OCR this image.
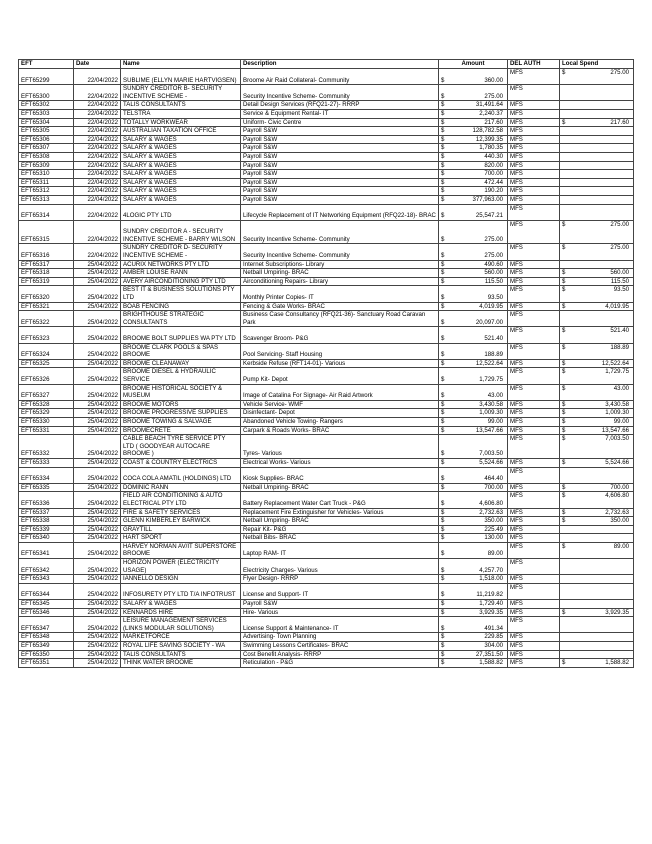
EFT	Date	Name	Description	Amount	DEL AUTH	Local Spend
EFT65299	22/04/2022	SUBLIME (ELLYN MARIE HARTVIGSEN)	Broome Air Raid Collateral- Community	$ 360.00	MFS	$ 275.00

EFT65300	22/04/2022	SUNDRY CREDITOR B- SECURITY INCENTIVE SCHEME -	Security Incentive Scheme- Community	$ 275.00	MFS	

EFT65302	22/04/2022	TALIS CONSULTANTS	Detail Design Services (RFQ21-27)- RRRP	$ 31,491.64	MFS	

EFT65303	22/04/2022	TELSTRA	Service & Equipment Rental- IT	$ 2,240.37	MFS	

EFT65304	22/04/2022	TOTALLY WORKWEAR	Uniform- Civic Centre	$ 217.60	MFS	$ 217.60

EFT65305	22/04/2022	AUSTRALIAN TAXATION OFFICE	Payroll S&W	$ 128,782.58	MFS	

EFT65306	22/04/2022	SALARY & WAGES	Payroll S&W	$ 12,399.35	MFS	

EFT65307	22/04/2022	SALARY & WAGES	Payroll S&W	$ 1,780.35	MFS	

EFT65308	22/04/2022	SALARY & WAGES	Payroll S&W	$ 440.30	MFS	

EFT65309	22/04/2022	SALARY & WAGES	Payroll S&W	$ 820.00	MFS	

EFT65310	22/04/2022	SALARY & WAGES	Payroll S&W	$ 700.00	MFS	

EFT65311	22/04/2022	SALARY & WAGES	Payroll S&W	$ 472.44	MFS	

EFT65312	22/04/2022	SALARY & WAGES	Payroll S&W	$ 190.20	MFS	

EFT65313	22/04/2022	SALARY & WAGES	Payroll S&W	$ 377,963.00	MFS	

EFT65314	22/04/2022	4LOGIC PTY LTD	Lifecycle Replacement of IT Networking Equipment (RFQ22-18)- BRAC	$ 25,547.21	MFS	

EFT65315	22/04/2022	SUNDRY CREDITOR A - SECURITY INCENTIVE SCHEME - BARRY WILSON	Security Incentive Scheme- Community	$ 275.00	MFS	$ 275.00

EFT65316	22/04/2022	SUNDRY CREDITOR D- SECURITY INCENTIVE SCHEME -	Security Incentive Scheme- Community	$ 275.00	MFS	$ 275.00

EFT65317	25/04/2022	ACURIX NETWORKS PTY LTD	Internet Subscriptions- Library	$ 490.60	MFS	

EFT65318	25/04/2022	AMBER LOUISE RANN	Netball Umpiring- BRAC	$ 560.00	MFS	$ 560.00

EFT65319	25/04/2022	AVERY AIRCONDITIONING PTY LTD	Airconditioning Repairs- Library	$ 115.50	MFS	$ 115.50

EFT65320	25/04/2022	BEST IT & BUSINESS SOLUTIONS PTY LTD	Monthly Printer Copies- IT	$ 93.50	MFS	$ 93.50

EFT65321	25/04/2022	BOAB FENCING	Fencing & Gate Works- BRAC	$ 4,019.95	MFS	$ 4,019.95

EFT65322	25/04/2022	BRIGHTHOUSE STRATEGIC CONSULTANTS	Business Case Consultancy (RFQ21-36)- Sanctuary Road Caravan Park	$ 20,097.00	MFS	

EFT65323	25/04/2022	BROOME BOLT SUPPLIES WA PTY LTD	Scavenger Broom- P&G	$ 521.40	MFS	$ 521.40

EFT65324	25/04/2022	BROOME CLARK POOLS & SPAS BROOME	Pool Servicing- Staff Housing	$ 188.89	MFS	$ 188.89

EFT65325	25/04/2022	BROOME CLEANAWAY	Kerbside Refuse (RFT14-01)- Various	$ 12,522.64	MFS	$ 12,522.64

EFT65326	25/04/2022	BROOME DIESEL & HYDRAULIC SERVICE	Pump Kit- Depot	$ 1,729.75	MFS	$ 1,729.75

EFT65327	25/04/2022	BROOME HISTORICAL SOCIETY & MUSEUM	Image of Catalina For Signage- Air Raid Artwork	$ 43.00	MFS	$ 43.00

EFT65328	25/04/2022	BROOME MOTORS	Vehicle Service- WMF	$ 3,430.58	MFS	$ 3,430.58

EFT65329	25/04/2022	BROOME PROGRESSIVE SUPPLIES	Disinfectant- Depot	$ 1,009.30	MFS	$ 1,009.30

EFT65330	25/04/2022	BROOME TOWING & SALVAGE	Abandoned Vehicle Towing- Rangers	$ 99.00	MFS	$ 99.00

EFT65331	25/04/2022	BROOMECRETE	Carpark & Roads Works- BRAC	$ 13,547.66	MFS	$ 13,547.66

EFT65332	25/04/2022	CABLE BEACH TYRE SERVICE PTY LTD ( GOODYEAR AUTOCARE BROOME )	Tyres- Various	$ 7,003.50	MFS	$ 7,003.50

EFT65333	25/04/2022	COAST & COUNTRY ELECTRICS	Electrical Works- Various	$ 5,524.66	MFS	$ 5,524.66

EFT65334	25/04/2022	COCA COLA AMATIL (HOLDINGS) LTD	Kiosk Supplies- BRAC	$ 464.40	MFS	

EFT65335	25/04/2022	DOMINIC RANN	Netball Umpiring- BRAC	$ 700.00	MFS	$ 700.00

EFT65336	25/04/2022	FIELD AIR CONDITIONING & AUTO ELECTRICAL PTY LTD	Battery Replacement Water Cart Truck - P&G	$ 4,606.80	MFS	$ 4,606.80

EFT65337	25/04/2022	FIRE & SAFETY SERVICES	Replacement Fire Extinguisher for Vehicles- Various	$ 2,732.63	MFS	$ 2,732.63

EFT65338	25/04/2022	GLENN KIMBERLEY BARWICK	Netball Umpiring- BRAC	$ 350.00	MFS	$ 350.00

EFT65339	25/04/2022	GRAYTILL	Repair Kit- P&G	$ 225.49	MFS	

EFT65340	25/04/2022	HART SPORT	Netball Bibs- BRAC	$ 130.00	MFS	

EFT65341	25/04/2022	HARVEY NORMAN AV/IT SUPERSTORE BROOME	Laptop RAM- IT	$ 89.00	MFS	$ 89.00

EFT65342	25/04/2022	HORIZON POWER (ELECTRICITY USAGE)	Electricity Charges- Various	$ 4,257.70	MFS	

EFT65343	25/04/2022	IANNELLO DESIGN	Flyer Design- RRRP	$ 1,518.00	MFS	

EFT65344	25/04/2022	INFOSURETY PTY LTD T/A INFOTRUST	License and Support- IT	$ 11,219.82	MFS	

EFT65345	25/04/2022	SALARY & WAGES	Payroll S&W	$ 1,729.40	MFS	

EFT65346	25/04/2022	KENNARDS HIRE	Hire- Various	$ 3,929.35	MFS	$ 3,929.35

EFT65347	25/04/2022	LEISURE MANAGEMENT SERVICES (LINKS MODULAR SOLUTIONS)	License Support & Maintenance- IT	$ 491.34	MFS	

EFT65348	25/04/2022	MARKETFORCE	Advertising- Town Planning	$ 229.85	MFS	

EFT65349	25/04/2022	ROYAL LIFE SAVING SOCIETY - WA	Swimming Lessons Certificates- BRAC	$ 304.00	MFS	

EFT65350	25/04/2022	TALIS CONSULTANTS	Cost Benefit Analysis- RRRP	$ 27,351.50	MFS	

EFT65351	25/04/2022	THINK WATER BROOME	Reticulation - P&G	$ 1,588.82	MFS	$ 1,588.82
